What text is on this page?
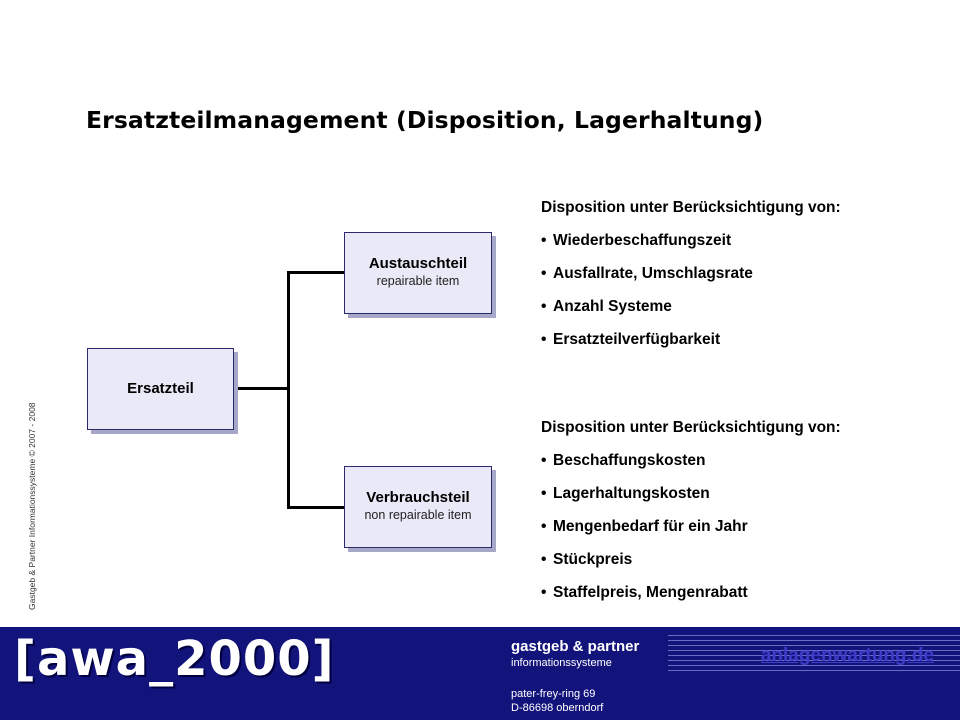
Ersatzteilmanagement (Disposition, Lagerhaltung)
Gastgeb & Partner Informationssysteme © 2007 - 2008
Ersatzteil
Austauschteil
repairable item
Verbrauchsteil
non repairable item
Disposition unter Berücksichtigung von:
• Wiederbeschaffungszeit
• Ausfallrate, Umschlagsrate
• Anzahl Systeme
• Ersatzteilverfügbarkeit
Disposition unter Berücksichtigung von:
• Beschaffungskosten
• Lagerhaltungskosten
• Mengenbedarf für ein Jahr
• Stückpreis
• Staffelpreis, Mengenrabatt
[awa_2000]	gastgeb & partner
informationssysteme
pater-frey-ring 69
D-86698 oberndorf
anlagenwartung.de
